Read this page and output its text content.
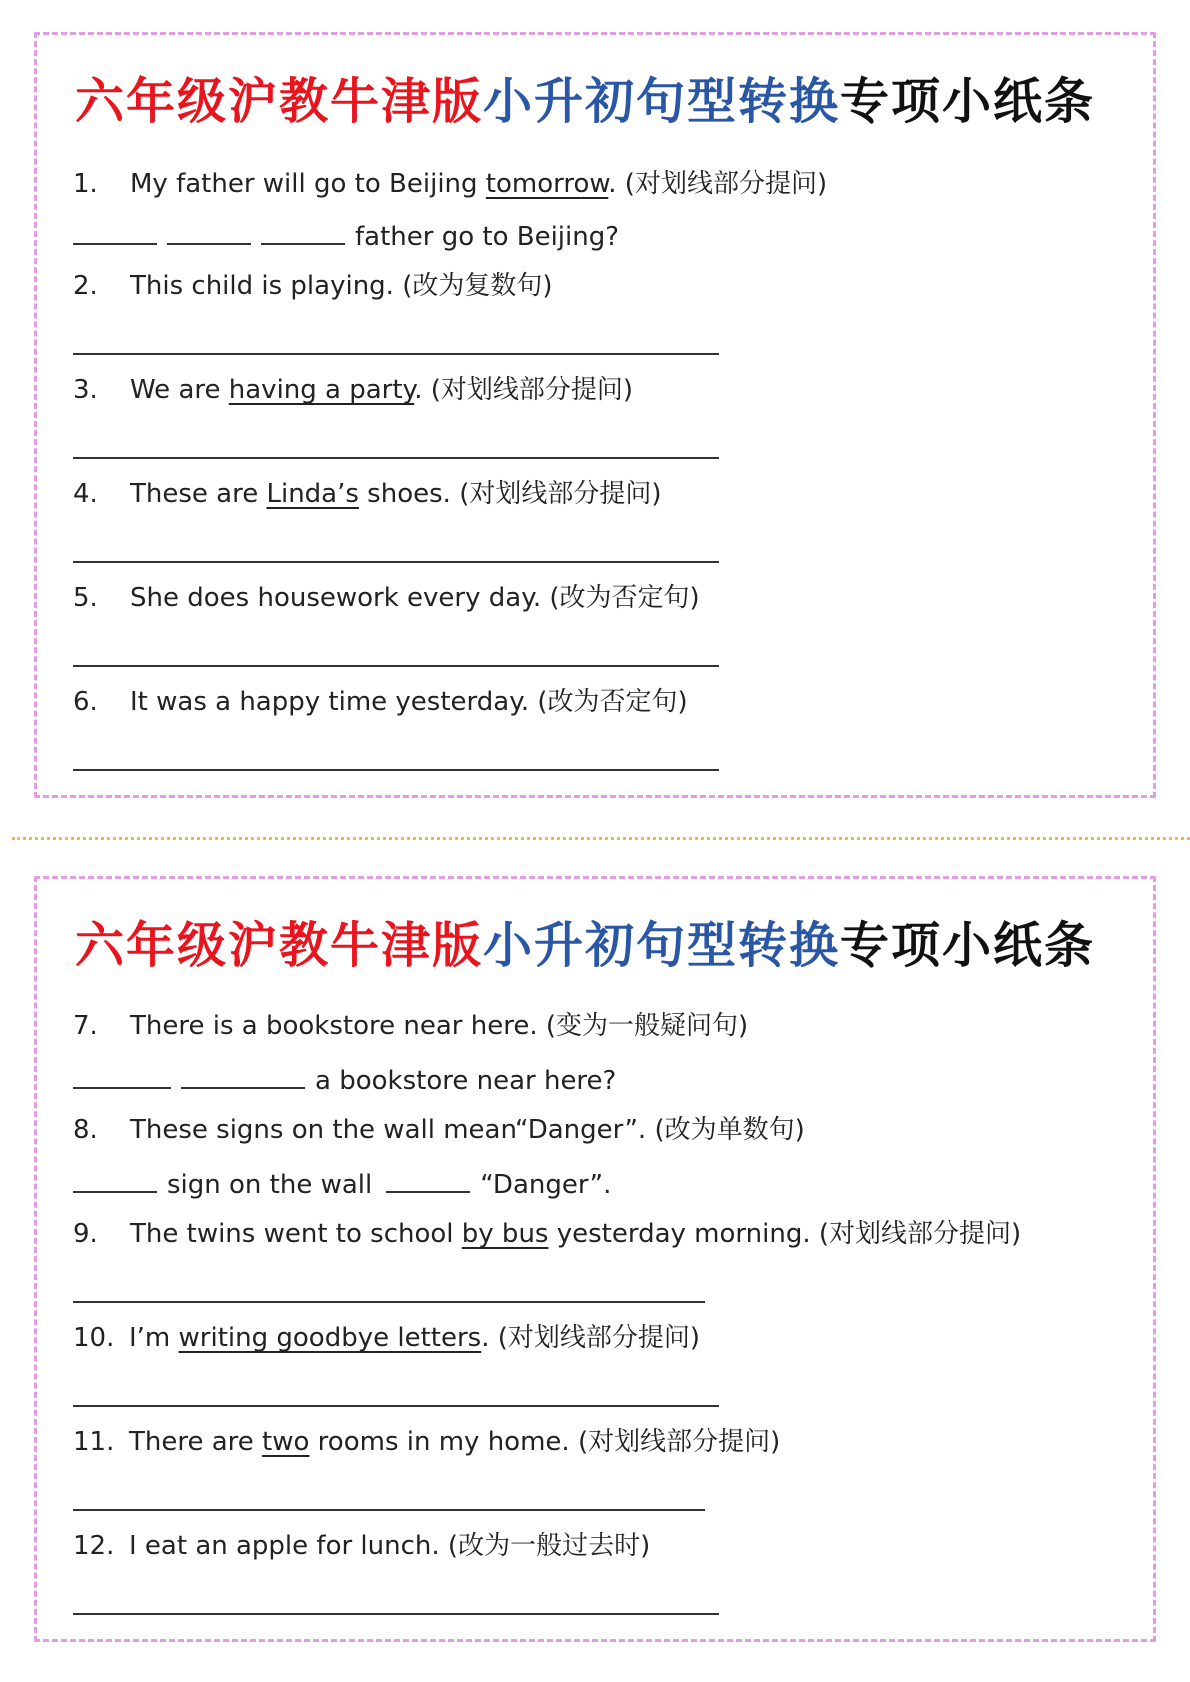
六年级沪教牛津版小升初句型转换专项小纸条
1. My father will go to Beijing tomorrow. (对划线部分提问)
father go to Beijing?
2. This child is playing. (改为复数句)
3. We are having a party. (对划线部分提问)
4. These are Linda’s shoes. (对划线部分提问)
5. She does housework every day. (改为否定句)
6. It was a happy time yesterday. (改为否定句)
六年级沪教牛津版小升初句型转换专项小纸条
7. There is a bookstore near here. (变为一般疑问句)
a bookstore near here?
8. These signs on the wall mean“Danger”. (改为单数句)
sign on the wall	“Danger”.
9. The twins went to school by bus yesterday morning. (对划线部分提问)
10. I’m writing goodbye letters. (对划线部分提问)
11. There are two rooms in my home. (对划线部分提问)
12. I eat an apple for lunch. (改为一般过去时)
